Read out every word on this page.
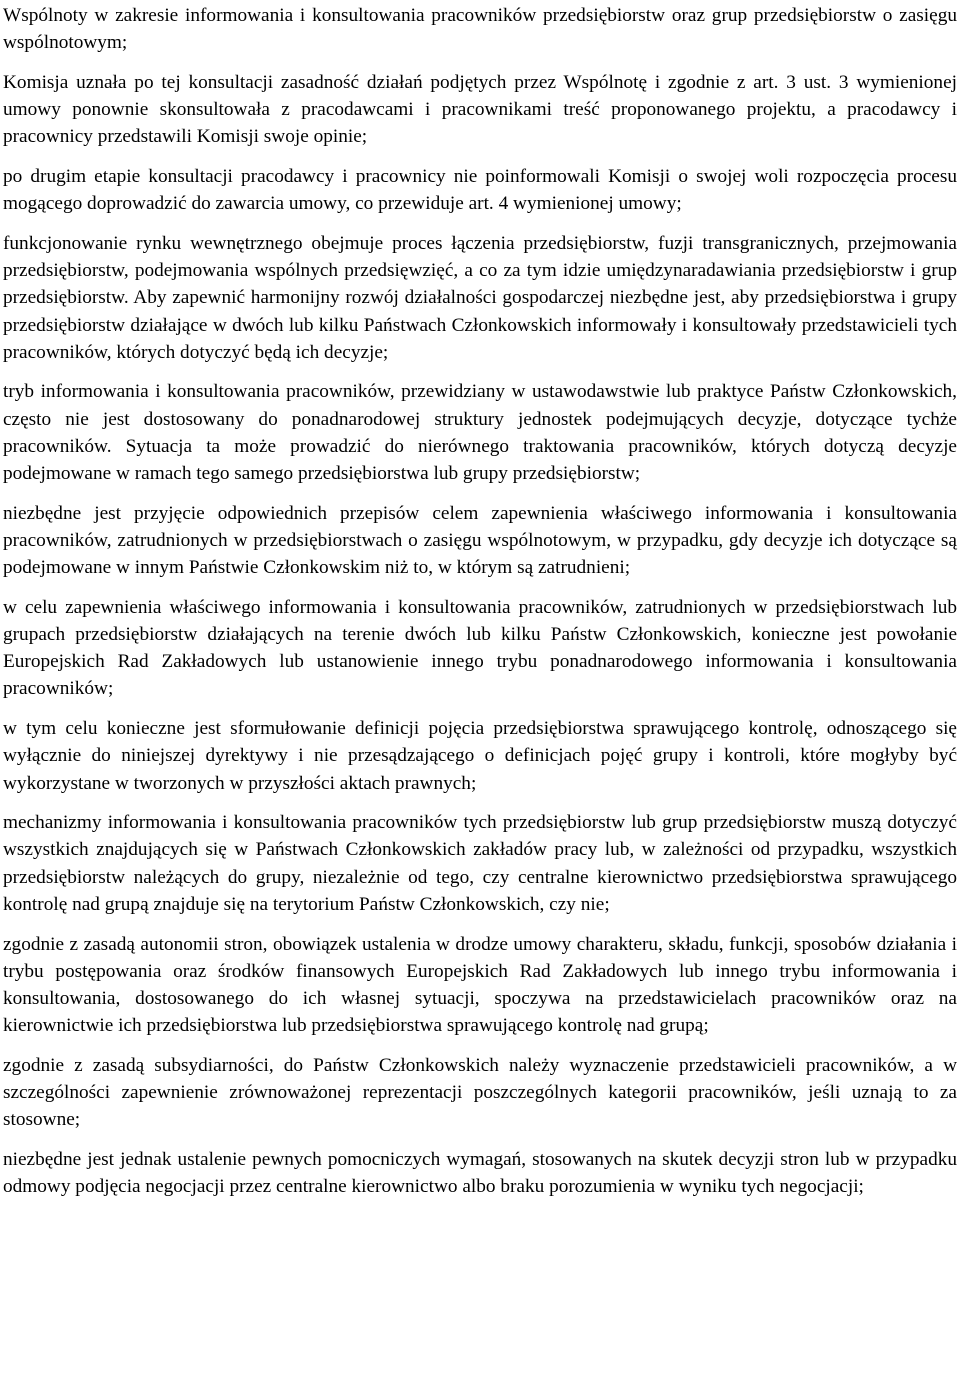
Wspólnoty w zakresie informowania i konsultowania pracowników przedsiębiorstw oraz grup przedsiębiorstw o zasięgu wspólnotowym;

Komisja uznała po tej konsultacji zasadność działań podjętych przez Wspólnotę i zgodnie z art. 3 ust. 3 wymienionej umowy ponownie skonsultowała z pracodawcami i pracownikami treść proponowanego projektu, a pracodawcy i pracownicy przedstawili Komisji swoje opinie;

po drugim etapie konsultacji pracodawcy i pracownicy nie poinformowali Komisji o swojej woli rozpoczęcia procesu mogącego doprowadzić do zawarcia umowy, co przewiduje art. 4 wymienionej umowy;

funkcjonowanie rynku wewnętrznego obejmuje proces łączenia przedsiębiorstw, fuzji transgranicznych, przejmowania przedsiębiorstw, podejmowania wspólnych przedsięwzięć, a co za tym idzie umiędzynaradawiania przedsiębiorstw i grup przedsiębiorstw. Aby zapewnić harmonijny rozwój działalności gospodarczej niezbędne jest, aby przedsiębiorstwa i grupy przedsiębiorstw działające w dwóch lub kilku Państwach Członkowskich informowały i konsultowały przedstawicieli tych pracowników, których dotyczyć będą ich decyzje;

tryb informowania i konsultowania pracowników, przewidziany w ustawodawstwie lub praktyce Państw Członkowskich, często nie jest dostosowany do ponadnarodowej struktury jednostek podejmujących decyzje, dotyczące tychże pracowników. Sytuacja ta może prowadzić do nierównego traktowania pracowników, których dotyczą decyzje podejmowane w ramach tego samego przedsiębiorstwa lub grupy przedsiębiorstw;

niezbędne jest przyjęcie odpowiednich przepisów celem zapewnienia właściwego informowania i konsultowania pracowników, zatrudnionych w przedsiębiorstwach o zasięgu wspólnotowym, w przypadku, gdy decyzje ich dotyczące są podejmowane w innym Państwie Członkowskim niż to, w którym są zatrudnieni;

w celu zapewnienia właściwego informowania i konsultowania pracowników, zatrudnionych w przedsiębiorstwach lub grupach przedsiębiorstw działających na terenie dwóch lub kilku Państw Członkowskich, konieczne jest powołanie Europejskich Rad Zakładowych lub ustanowienie innego trybu ponadnarodowego informowania i konsultowania pracowników;

w tym celu konieczne jest sformułowanie definicji pojęcia przedsiębiorstwa sprawującego kontrolę, odnoszącego się wyłącznie do niniejszej dyrektywy i nie przesądzającego o definicjach pojęć grupy i kontroli, które mogłyby być wykorzystane w tworzonych w przyszłości aktach prawnych;

mechanizmy informowania i konsultowania pracowników tych przedsiębiorstw lub grup przedsiębiorstw muszą dotyczyć wszystkich znajdujących się w Państwach Członkowskich zakładów pracy lub, w zależności od przypadku, wszystkich przedsiębiorstw należących do grupy, niezależnie od tego, czy centralne kierownictwo przedsiębiorstwa sprawującego kontrolę nad grupą znajduje się na terytorium Państw Członkowskich, czy nie;

zgodnie z zasadą autonomii stron, obowiązek ustalenia w drodze umowy charakteru, składu, funkcji, sposobów działania i trybu postępowania oraz środków finansowych Europejskich Rad Zakładowych lub innego trybu informowania i konsultowania, dostosowanego do ich własnej sytuacji, spoczywa na przedstawicielach pracowników oraz na kierownictwie ich przedsiębiorstwa lub przedsiębiorstwa sprawującego kontrolę nad grupą;

zgodnie z zasadą subsydiarności, do Państw Członkowskich należy wyznaczenie przedstawicieli pracowników, a w szczególności zapewnienie zrównoważonej reprezentacji poszczególnych kategorii pracowników, jeśli uznają to za stosowne;

niezbędne jest jednak ustalenie pewnych pomocniczych wymagań, stosowanych na skutek decyzji stron lub w przypadku odmowy podjęcia negocjacji przez centralne kierownictwo albo braku porozumienia w wyniku tych negocjacji;
